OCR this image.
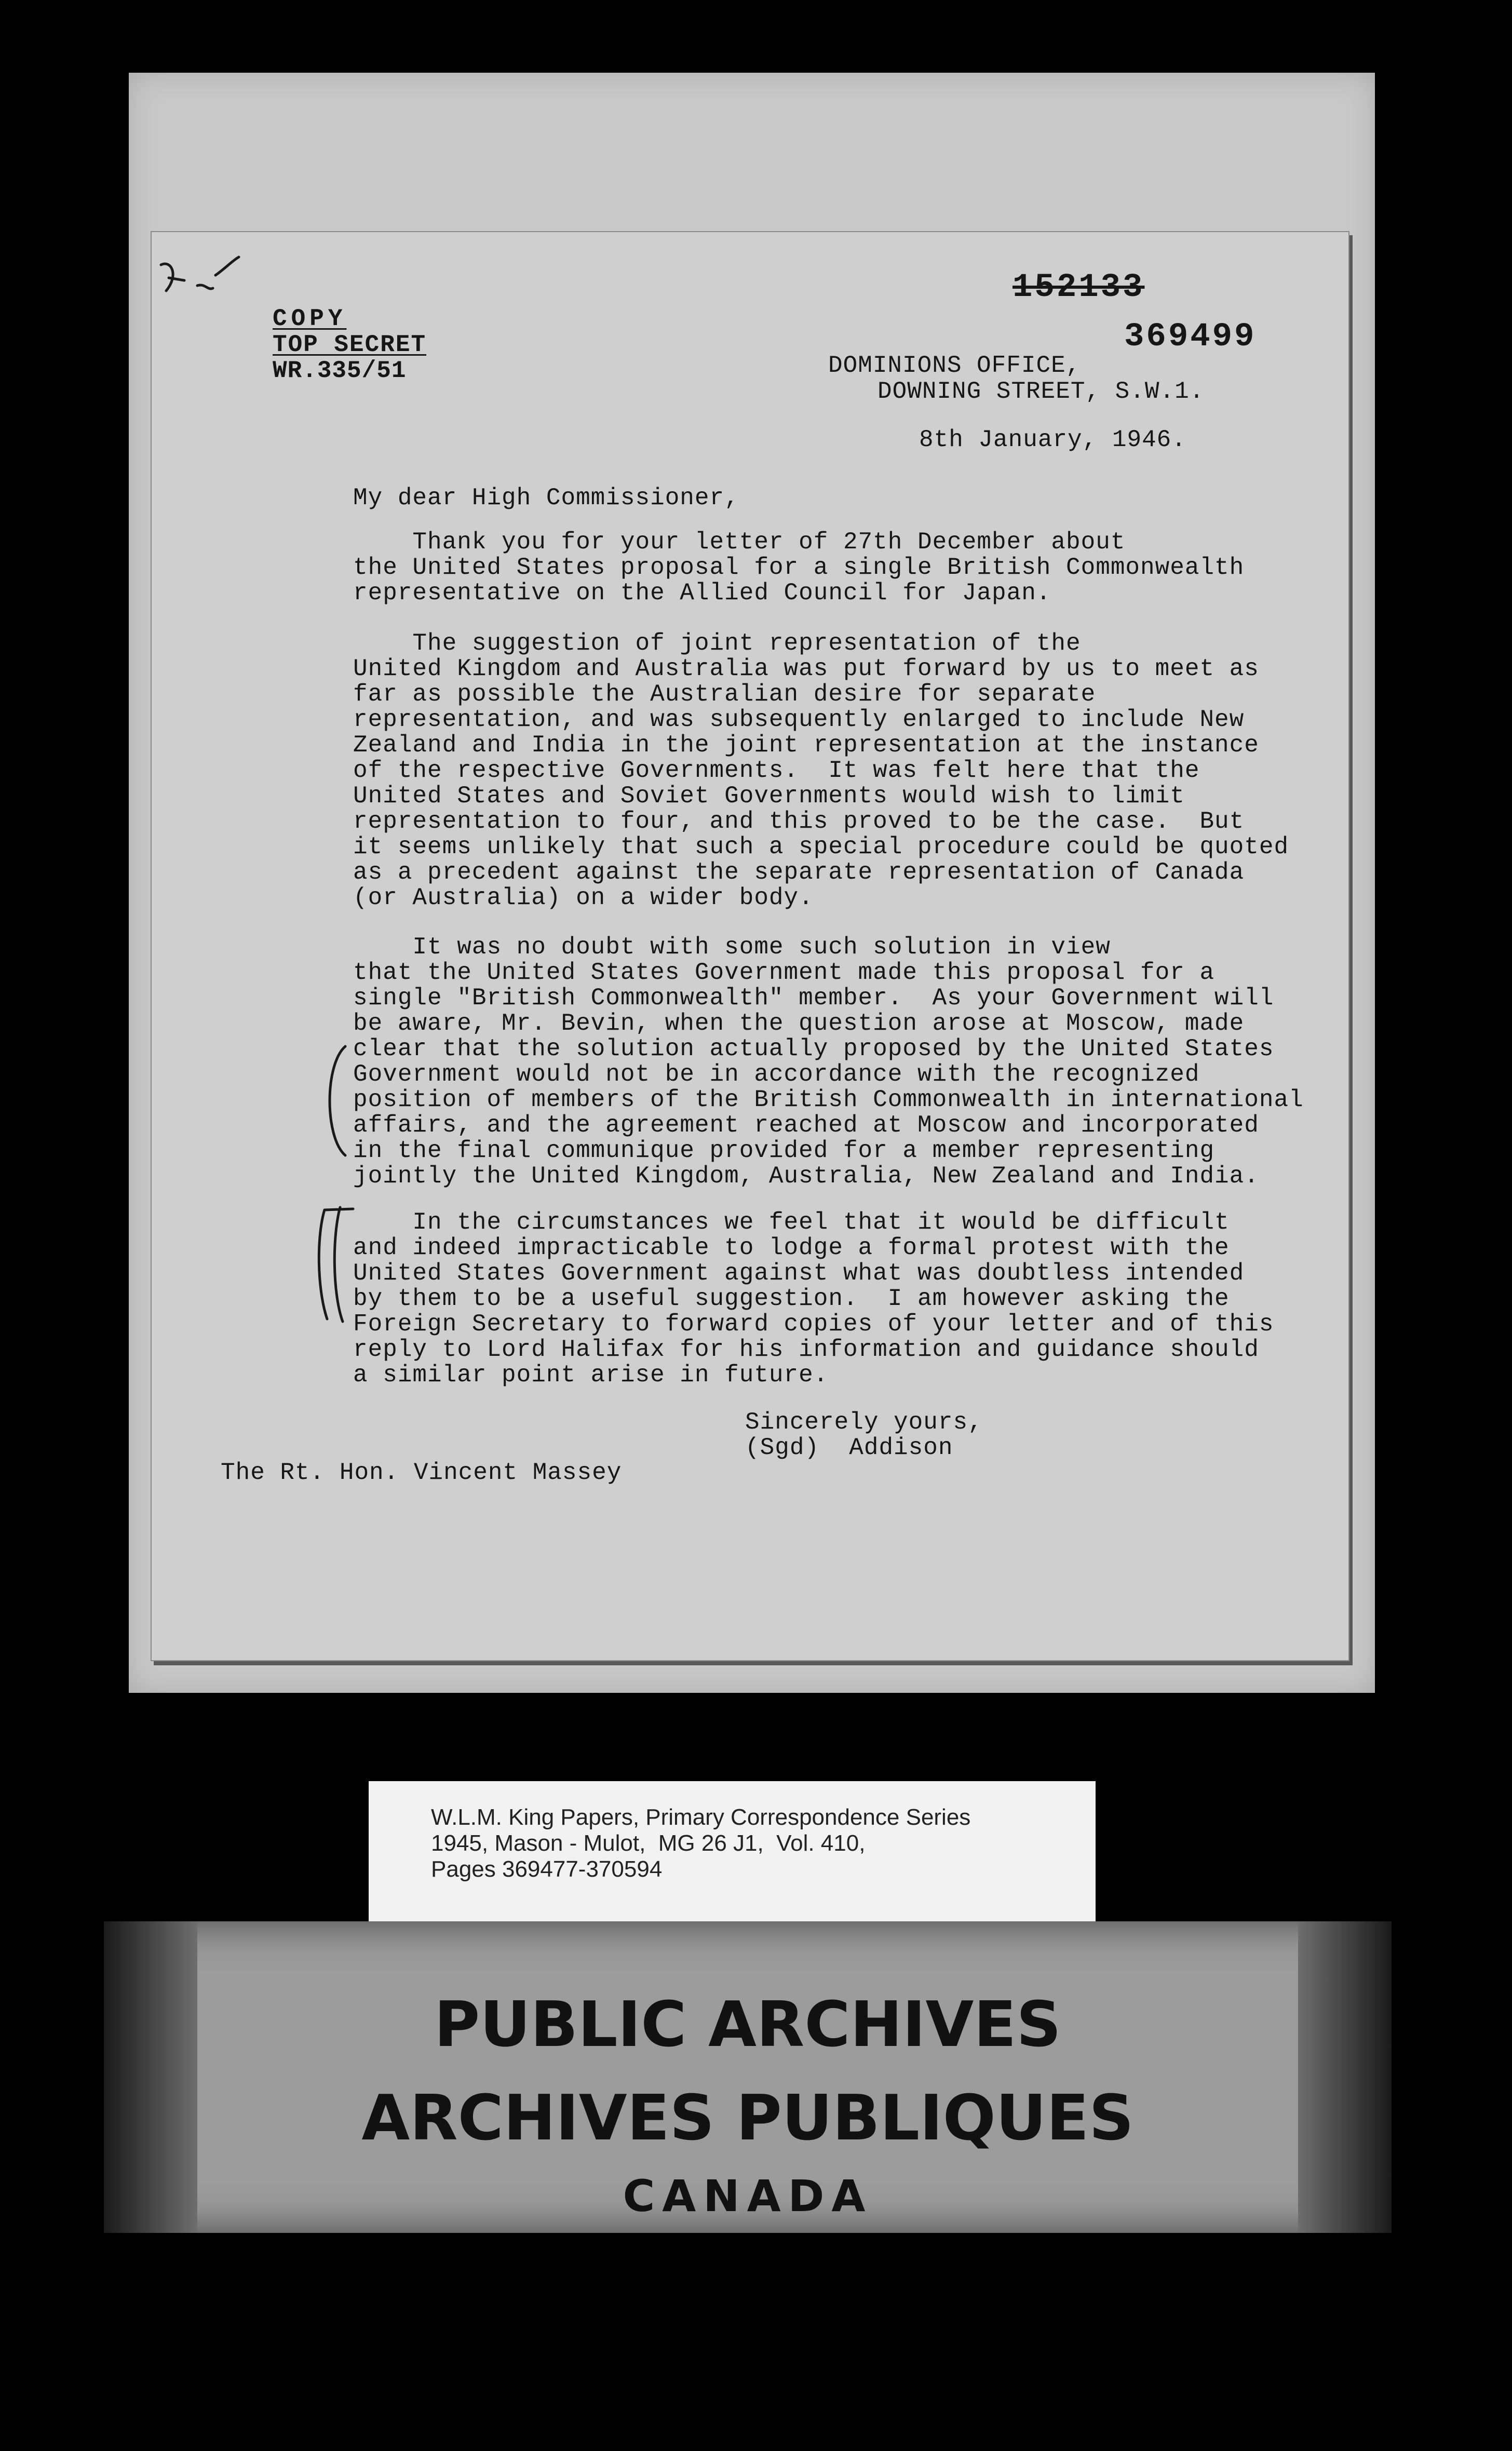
COPY
TOP SECRET
WR.335/51
152133
369499
DOMINIONS OFFICE,
DOWNING STREET, S.W.1.
8th January, 1946.
My dear High Commissioner,

Thank you for your letter of 27th December about

the United States proposal for a single British Commonwealth

representative on the Allied Council for Japan.

The suggestion of joint representation of the

United Kingdom and Australia was put forward by us to meet as

far as possible the Australian desire for separate

representation, and was subsequently enlarged to include New

Zealand and India in the joint representation at the instance

of the respective Governments.  It was felt here that the

United States and Soviet Governments would wish to limit

representation to four, and this proved to be the case.  But

it seems unlikely that such a special procedure could be quoted

as a precedent against the separate representation of Canada

(or Australia) on a wider body.

It was no doubt with some such solution in view

that the United States Government made this proposal for a

single "British Commonwealth" member.  As your Government will

be aware, Mr. Bevin, when the question arose at Moscow, made

clear that the solution actually proposed by the United States

Government would not be in accordance with the recognized

position of members of the British Commonwealth in international

affairs, and the agreement reached at Moscow and incorporated

in the final communique provided for a member representing

jointly the United Kingdom, Australia, New Zealand and India.

In the circumstances we feel that it would be difficult

and indeed impracticable to lodge a formal protest with the

United States Government against what was doubtless intended

by them to be a useful suggestion.  I am however asking the

Foreign Secretary to forward copies of your letter and of this

reply to Lord Halifax for his information and guidance should

a similar point arise in future.

Sincerely yours,
(Sgd)  Addison
The Rt. Hon. Vincent Massey

W.L.M. King Papers, Primary Correspondence Series

1945, Mason - Mulot,  MG 26 J1,  Vol. 410,

Pages 369477-370594

PUBLIC ARCHIVES
ARCHIVES PUBLIQUES
CANADA
